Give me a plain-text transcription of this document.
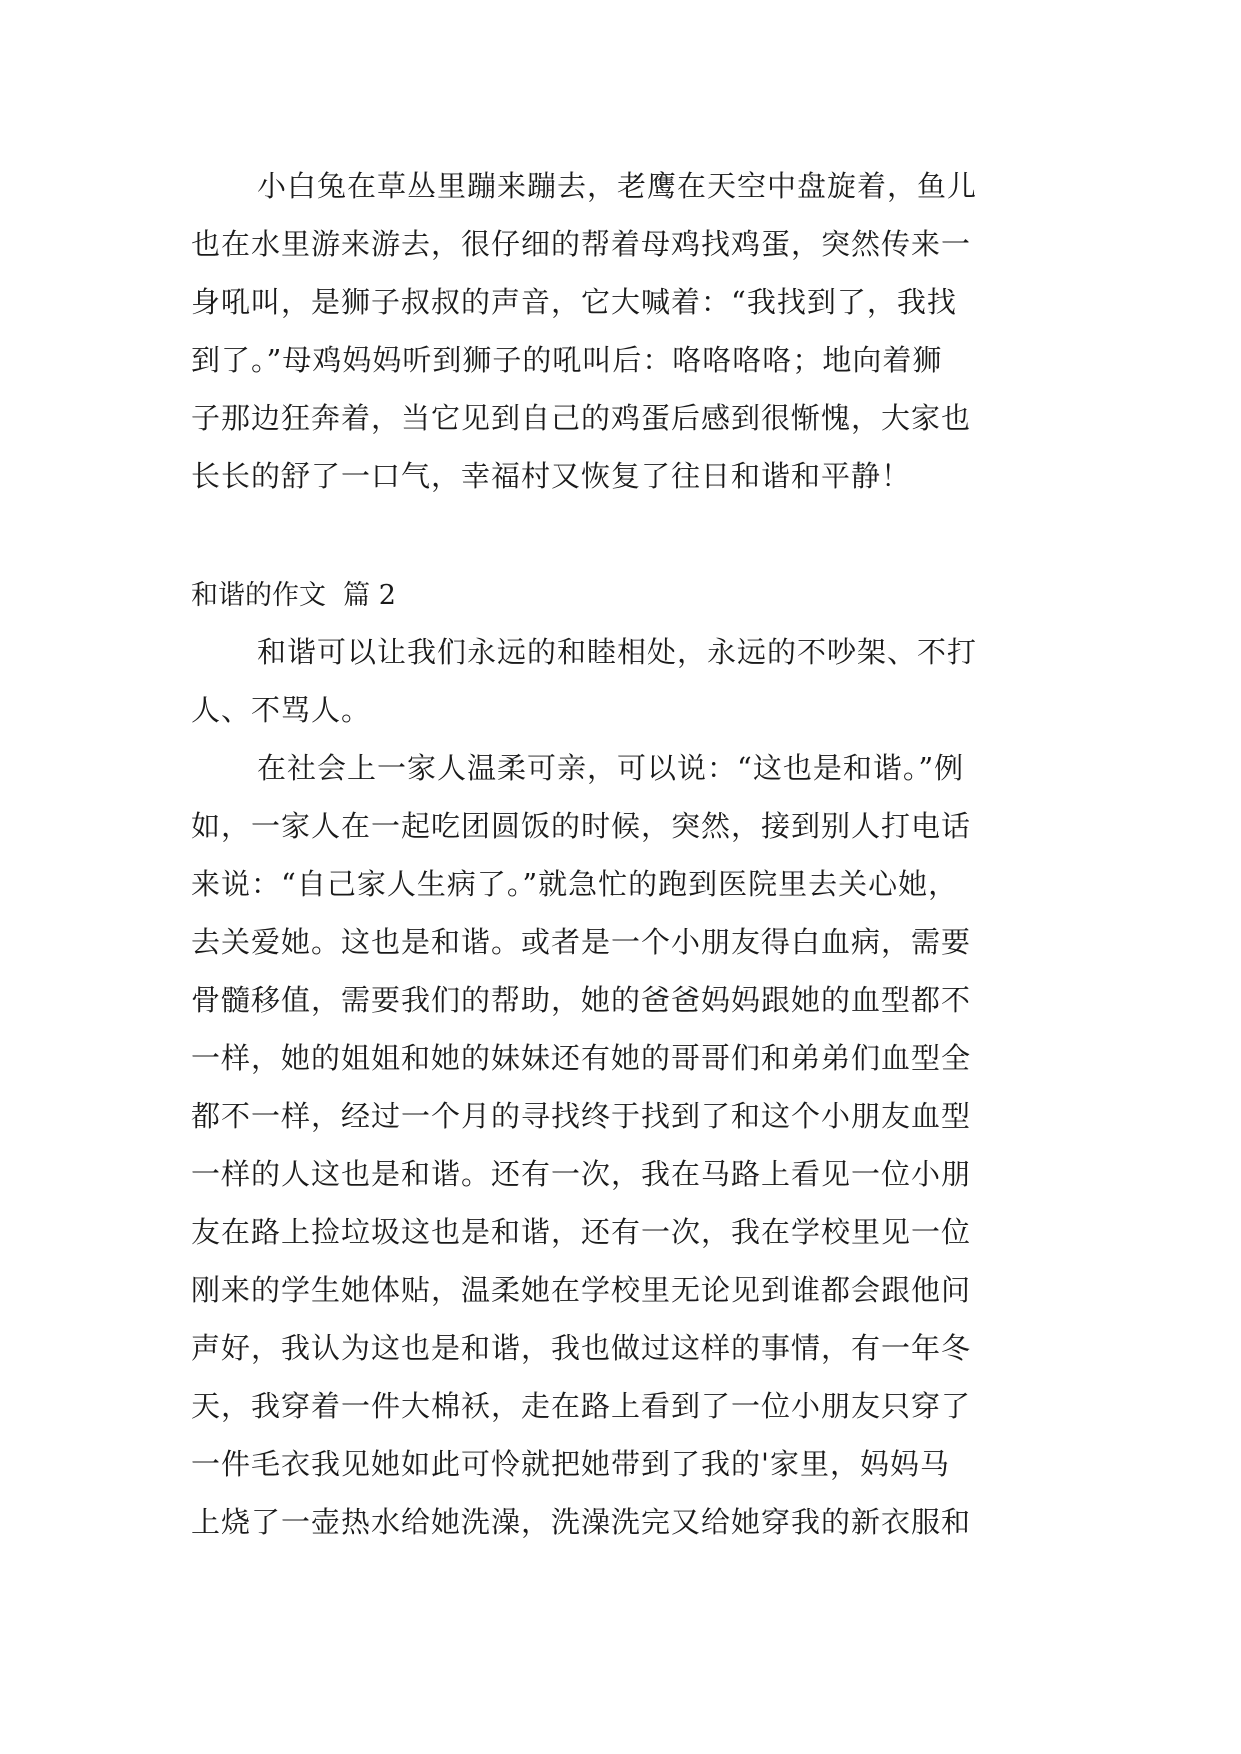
小白兔在草丛里蹦来蹦去，老鹰在天空中盘旋着，鱼儿
也在水里游来游去，很仔细的帮着母鸡找鸡蛋，突然传来一
身吼叫，是狮子叔叔的声音，它大喊着：“我找到了，我找
到了。”母鸡妈妈听到狮子的吼叫后：咯咯咯咯；地向着狮
子那边狂奔着，当它见到自己的鸡蛋后感到很惭愧，大家也
长长的舒了一口气，幸福村又恢复了往日和谐和平静！
和谐的作文  篇 2
和谐可以让我们永远的和睦相处，永远的不吵架、不打
人、不骂人。
在社会上一家人温柔可亲，可以说：“这也是和谐。”例
如，一家人在一起吃团圆饭的时候，突然，接到别人打电话
来说：“自己家人生病了。”就急忙的跑到医院里去关心她，
去关爱她。这也是和谐。或者是一个小朋友得白血病，需要
骨髓移值，需要我们的帮助，她的爸爸妈妈跟她的血型都不
一样，她的姐姐和她的妹妹还有她的哥哥们和弟弟们血型全
都不一样，经过一个月的寻找终于找到了和这个小朋友血型
一样的人这也是和谐。还有一次，我在马路上看见一位小朋
友在路上捡垃圾这也是和谐，还有一次，我在学校里见一位
刚来的学生她体贴，温柔她在学校里无论见到谁都会跟他问
声好，我认为这也是和谐，我也做过这样的事情，有一年冬
天，我穿着一件大棉袄，走在路上看到了一位小朋友只穿了
一件毛衣我见她如此可怜就把她带到了我的'家里，妈妈马
上烧了一壶热水给她洗澡，洗澡洗完又给她穿我的新衣服和
